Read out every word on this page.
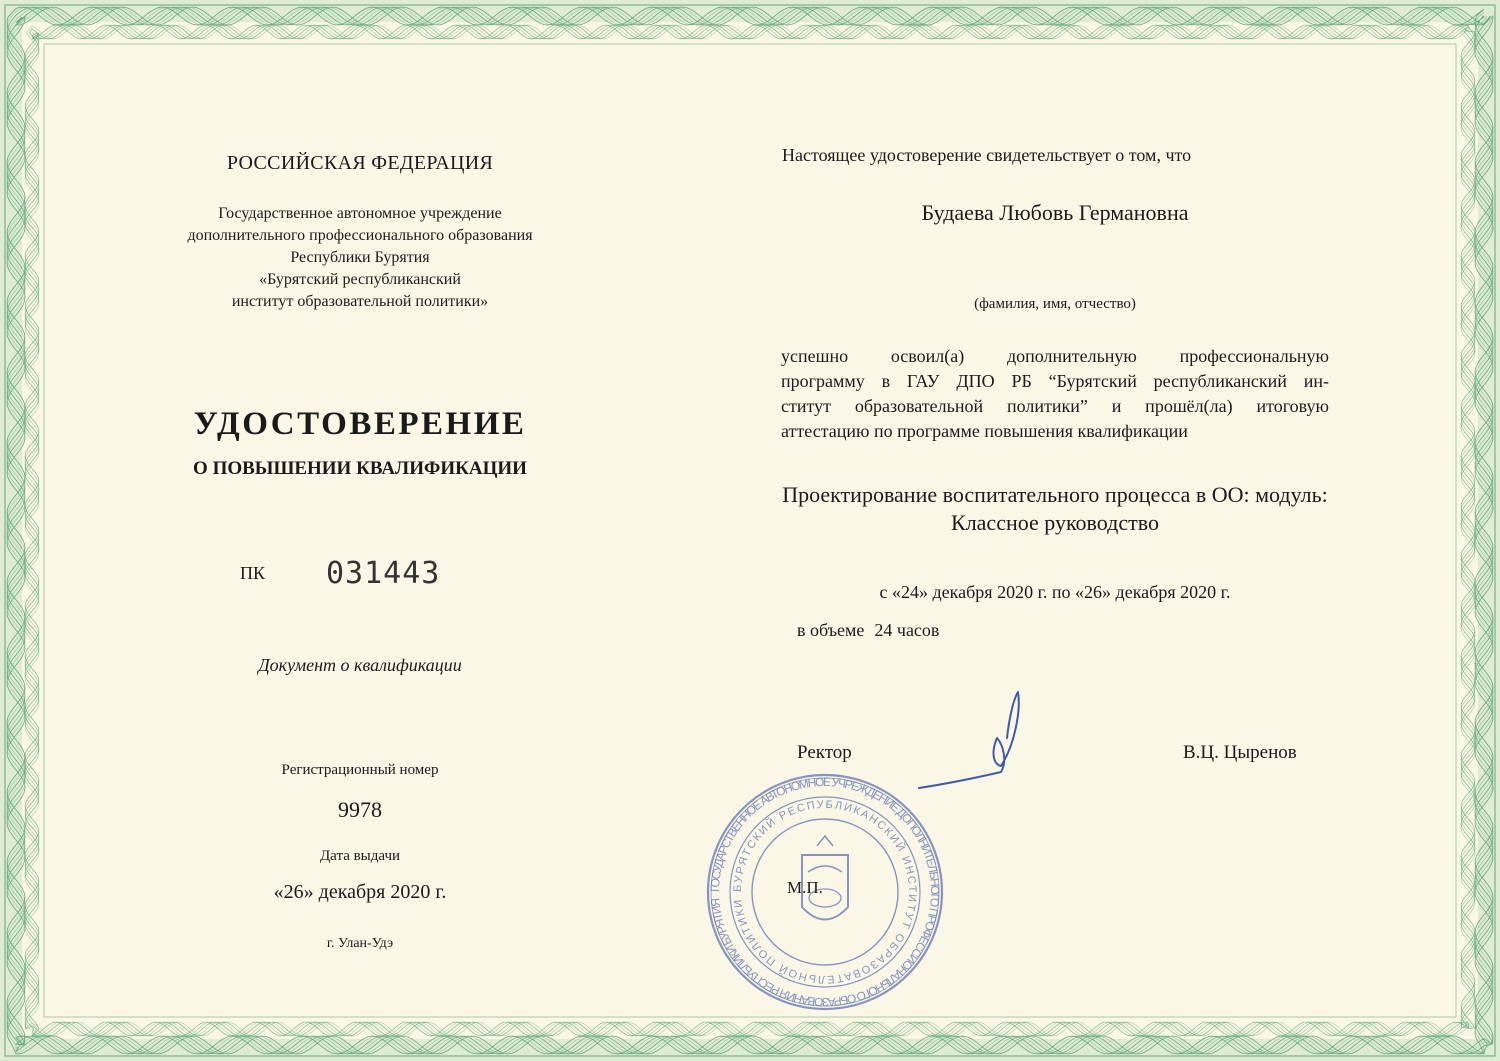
РОССИЙСКАЯ ФЕДЕРАЦИЯ
Государственное автономное учреждение
дополнительного профессионального образования
Республики Бурятия
«Бурятский республиканский
институт образовательной политики»
УДОСТОВЕРЕНИЕ
О ПОВЫШЕНИИ КВАЛИФИКАЦИИ
ПК 031443
Документ о квалификации
Регистрационный номер
9978
Дата выдачи
«26» декабря 2020 г.
г. Улан-Удэ
Настоящее удостоверение свидетельствует о том, что
Будаева Любовь Германовна
(фамилия, имя, отчество)
успешно освоил(а) дополнительную профессиональную
программу в ГАУ ДПО РБ “Бурятский республиканский ин-
ститут образовательной политики” и прошёл(ла) итоговую
аттестацию по программе повышения квалификации
Проектирование воспитательного процесса в ОО: модуль:
Классное руководство
с «24» декабря 2020 г. по «26» декабря 2020 г.
в объеме 24 часов
Ректор	В.Ц. Цыренов
ГОСУДАРСТВЕННОЕ АВТОНОМНОЕ УЧРЕЖДЕНИЕ ДОПОЛНИТЕЛЬНОГО ПРОФЕССИОНАЛЬНОГО ОБРАЗОВАНИЯ РЕСПУБЛИКИ БУРЯТИЯ
БУРЯТСКИЙ РЕСПУБЛИКАНСКИЙ ИНСТИТУТ ОБРАЗОВАТЕЛЬНОЙ ПОЛИТИКИ
М.П.
